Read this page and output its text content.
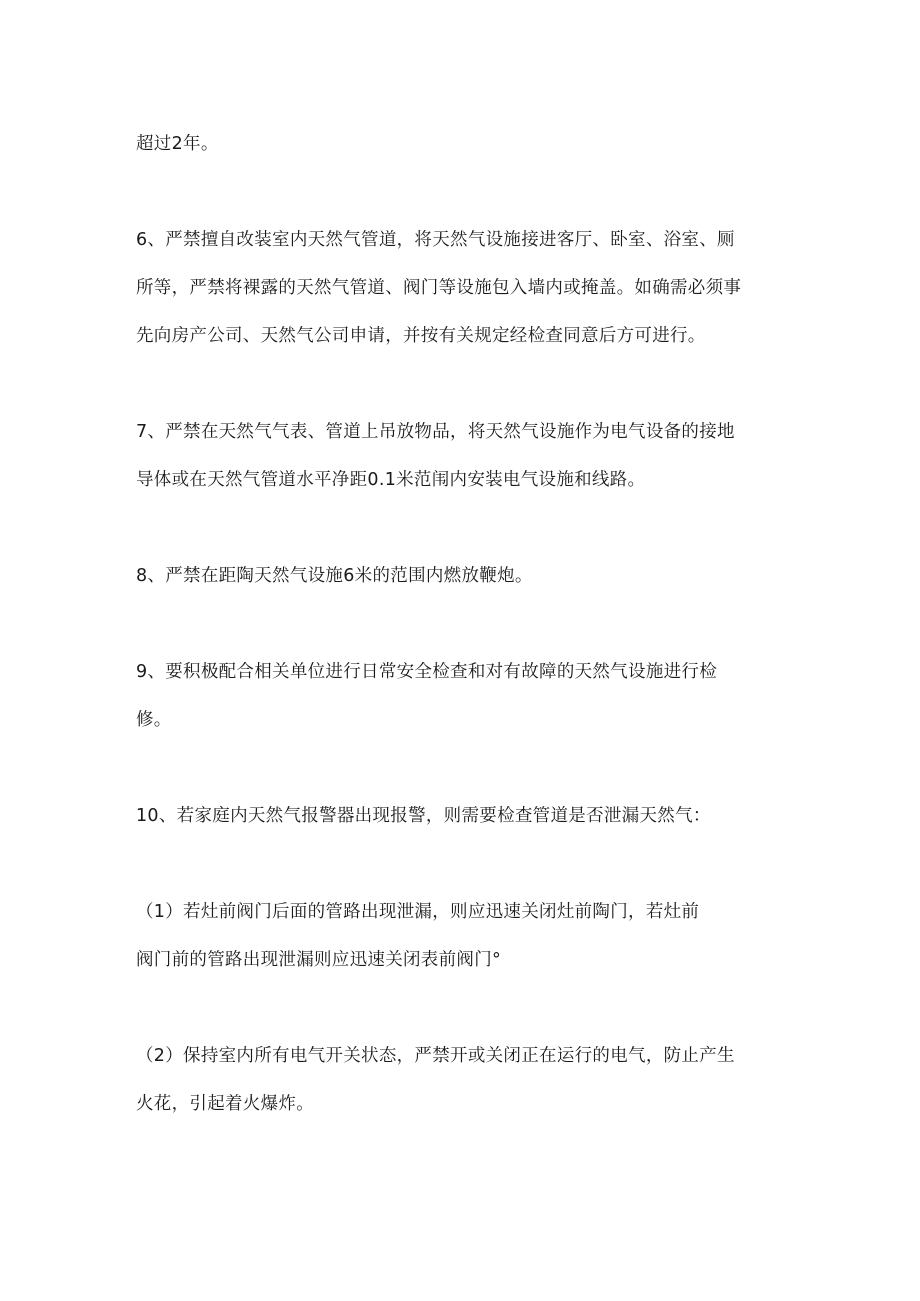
超过2年。
6、严禁擅自改装室内天然气管道，将天然气设施接进客厅、卧室、浴室、厕
所等，严禁将裸露的天然气管道、阀门等设施包入墙内或掩盖。如确需必须事
先向房产公司、天然气公司申请，并按有关规定经检查同意后方可进行。
7、严禁在天然气气表、管道上吊放物品，将天然气设施作为电气设备的接地
导体或在天然气管道水平净距0.1米范闱内安装电气设施和线路。
8、严禁在距陶天然气设施6米的范围内燃放鞭炮。
9、要积极配合相关单位进行日常安全检查和对有故障的天然气设施进行检
修。
10、若家庭内天然气报警器出现报警，则需要检查管道是否泄漏天然气：
（1）若灶前阀门后面的管路出现泄漏，则应迅速关闭灶前陶门，若灶前
阀门前的管路出现泄漏则应迅速关闭表前阀门°
（2）保持室内所有电气开关状态，严禁开或关闭正在运行的电气，防止产生
火花，引起着火爆炸。
